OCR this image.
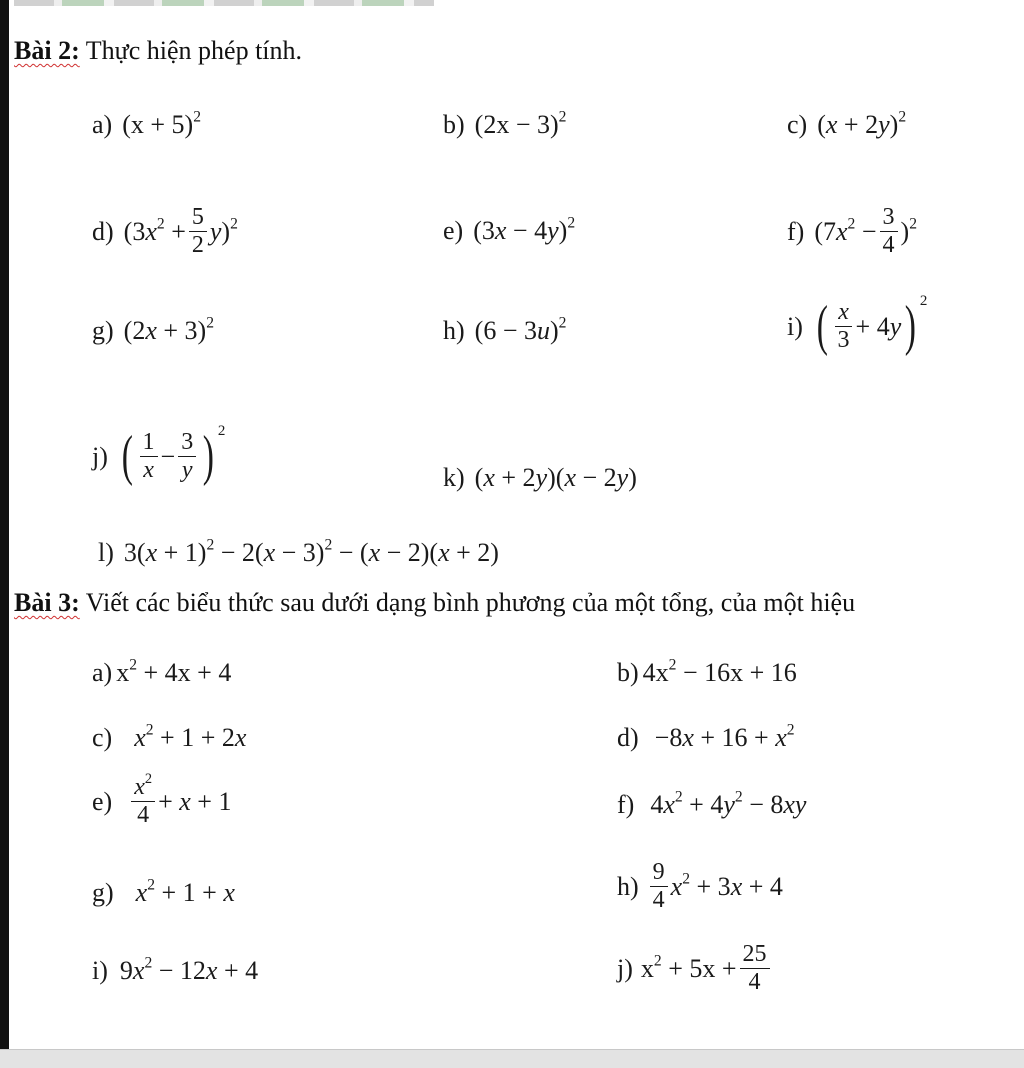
Bài 2: Thực hiện phép tính.
a) $(x + 5)^2$	b) $(2x - 3)^2$	c) $(x + 2y)^2$
d) $(3x^2 + \frac{5}{2} y)^2$	e) $(3x - 4y)^2$	f) $(7x^2 - \frac{3}{4} )^2$
g) $(2x + 3)^2$	h) $(6 - 3u)^2$	i) ( $\frac{x}{3} + 4y$ ) 2
j) ( $\frac{1}{x} - \frac{3}{y}$ ) 2
k) (x + 2y)(x − 2y)
l) $3(x + 1)^2 - 2(x - 3)^2 - (x - 2)(x + 2)$
Bài 3: Viết các biểu thức sau dưới dạng bình phương của một tổng, của một hiệu
a) $x^2 + 4x + 4$	b) $4x^2 - 16x + 16$
c) $x^2 + 1 + 2x$	$d) -8x + 16 + x^2$
$e) \frac{x^2}{4} + x + 1$	f) $4x^2 + 4y^2 - 8xy$
g) $x^2 + 1 + x$	$h) \frac{9}{4} x^2 + 3x + 4$
i) $9x^2 - 12x + 4$	j) $x^2 + 5x + \frac{25}{4}$
